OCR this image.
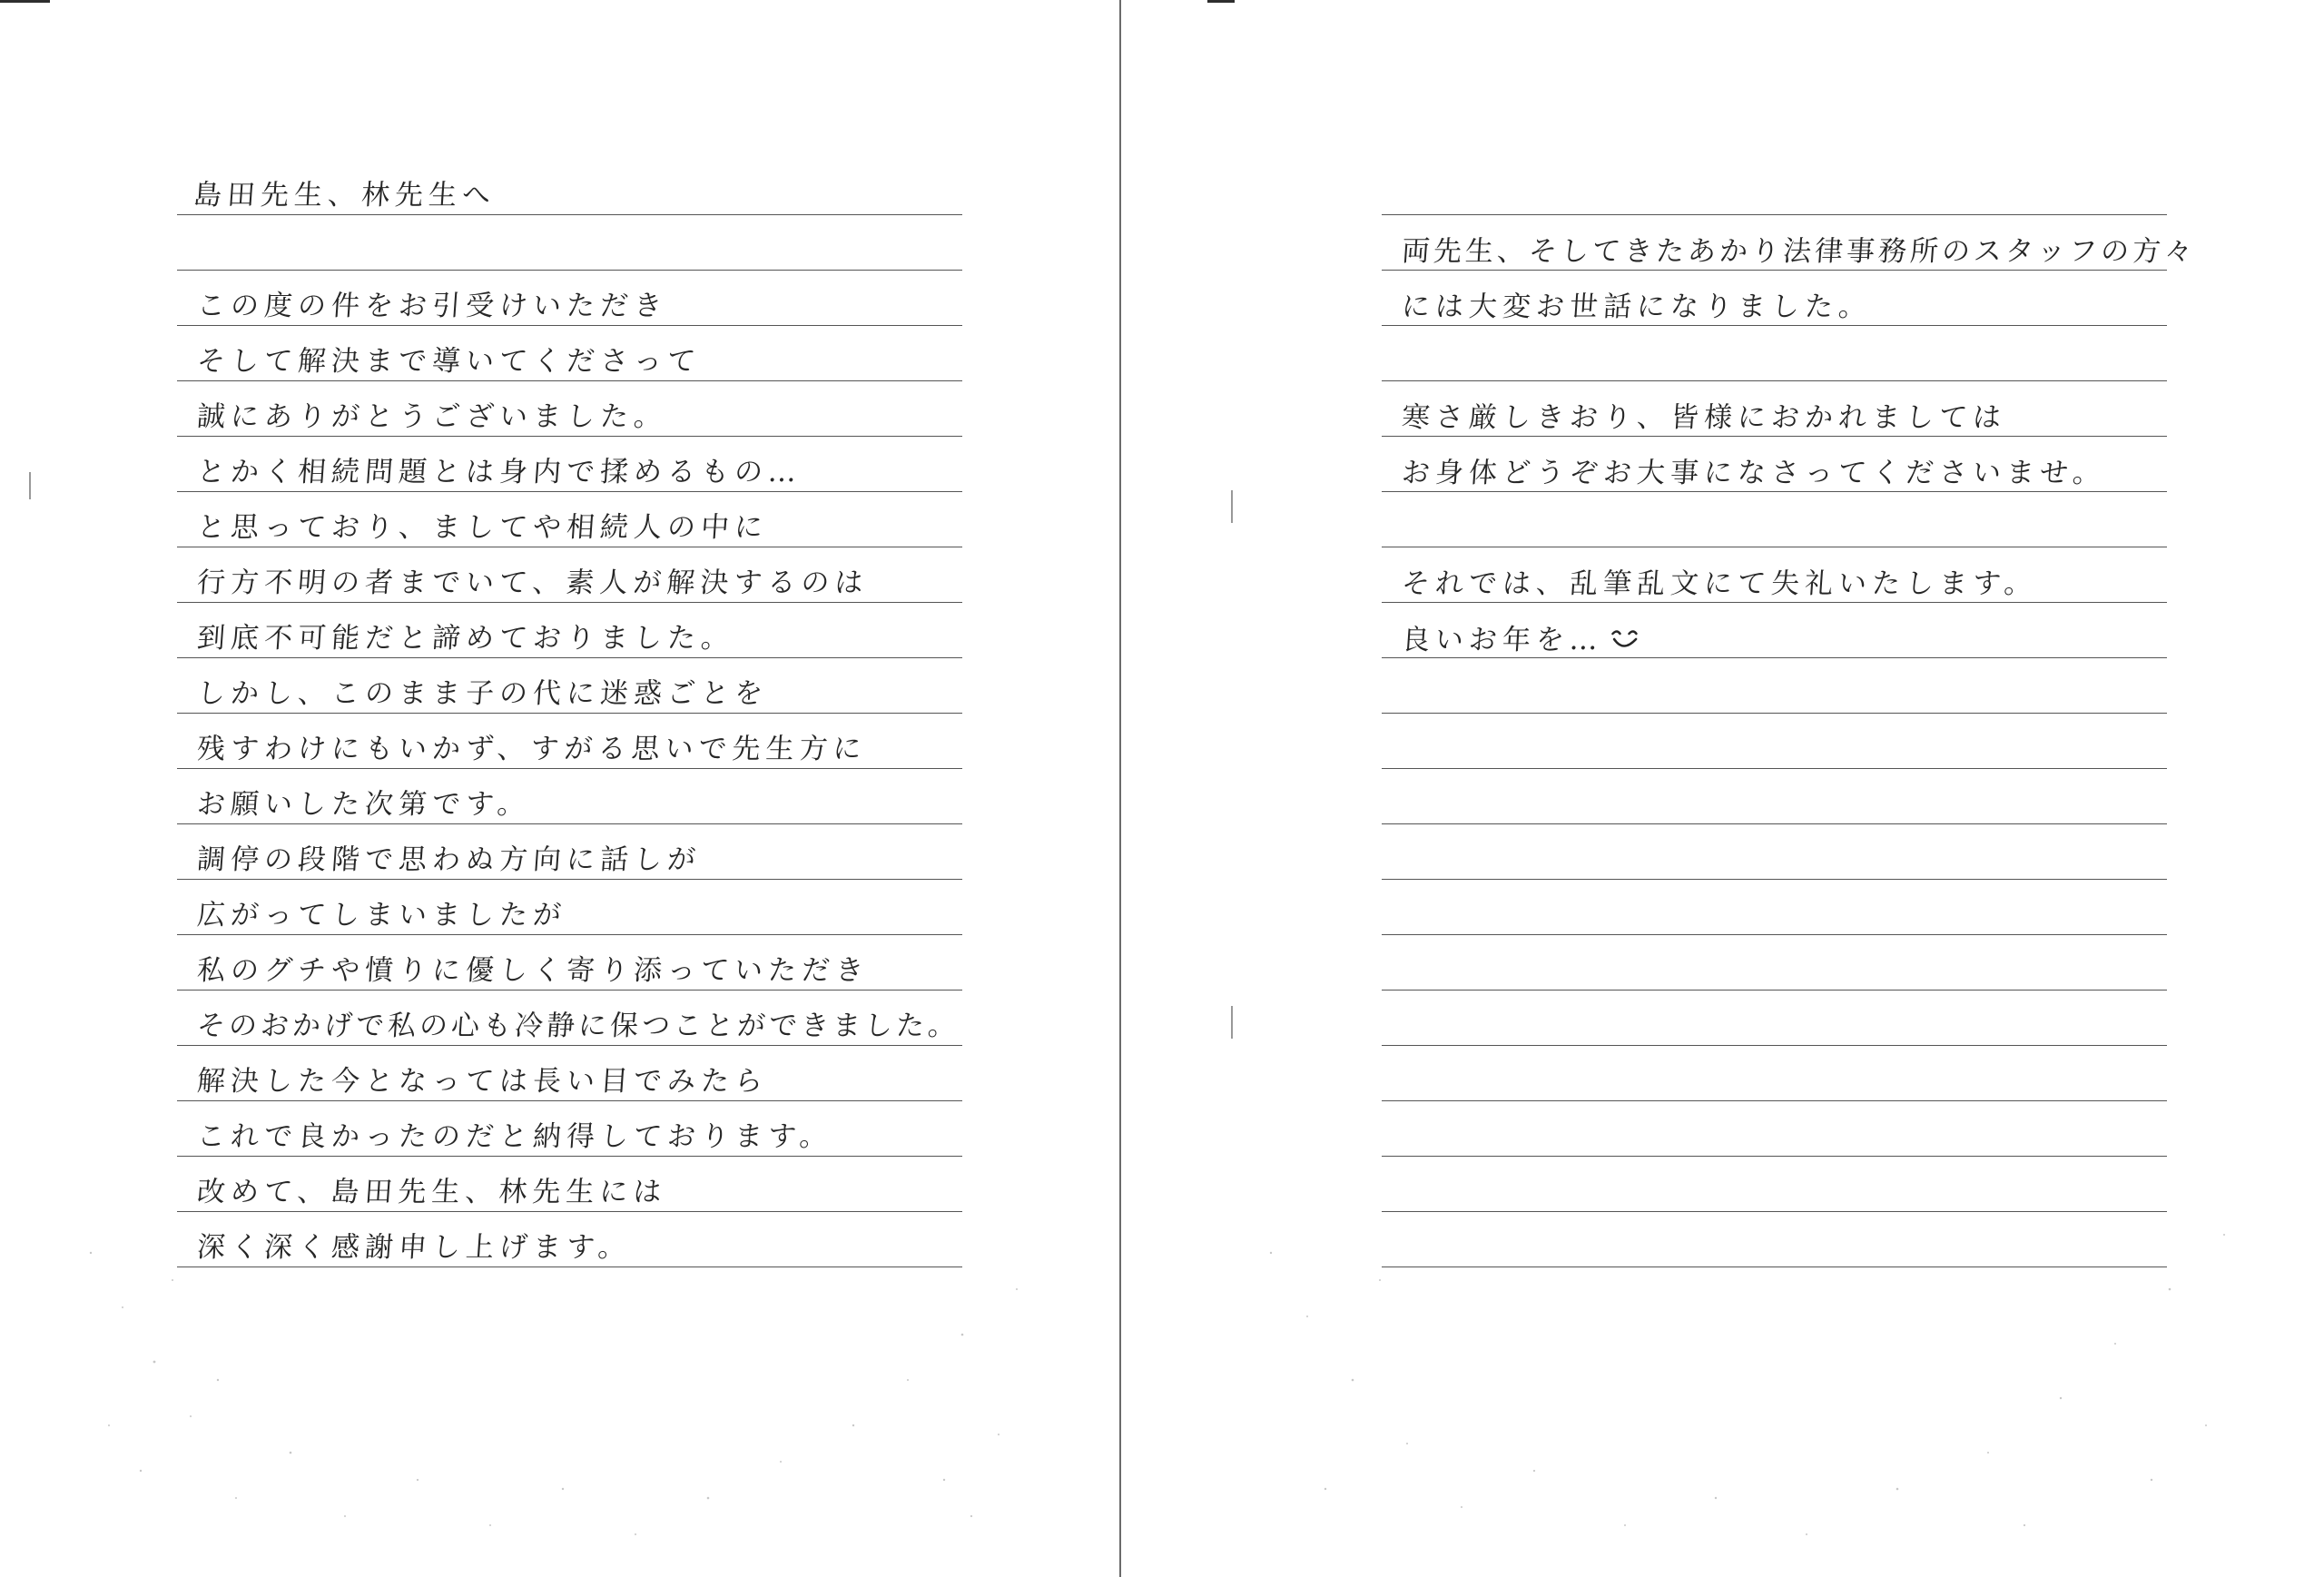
島田先生、林先生へ
この度の件をお引受けいただき
そして解決まで導いてくださって
誠にありがとうございました。
とかく相続問題とは身内で揉めるもの…
と思っており、ましてや相続人の中に
行方不明の者までいて、素人が解決するのは
到底不可能だと諦めておりました。
しかし、このまま子の代に迷惑ごとを
残すわけにもいかず、すがる思いで先生方に
お願いした次第です。
調停の段階で思わぬ方向に話しが
広がってしまいましたが
私のグチや憤りに優しく寄り添っていただき
そのおかげで私の心も冷静に保つことができました。
解決した今となっては長い目でみたら
これで良かったのだと納得しております。
改めて、島田先生、林先生には
深く深く感謝申し上げます。
両先生、そしてきたあかり法律事務所のスタッフの方々
には大変お世話になりました。
寒さ厳しきおり、皆様におかれましては
お身体どうぞお大事になさってくださいませ。
それでは、乱筆乱文にて失礼いたします。
良いお年を…
